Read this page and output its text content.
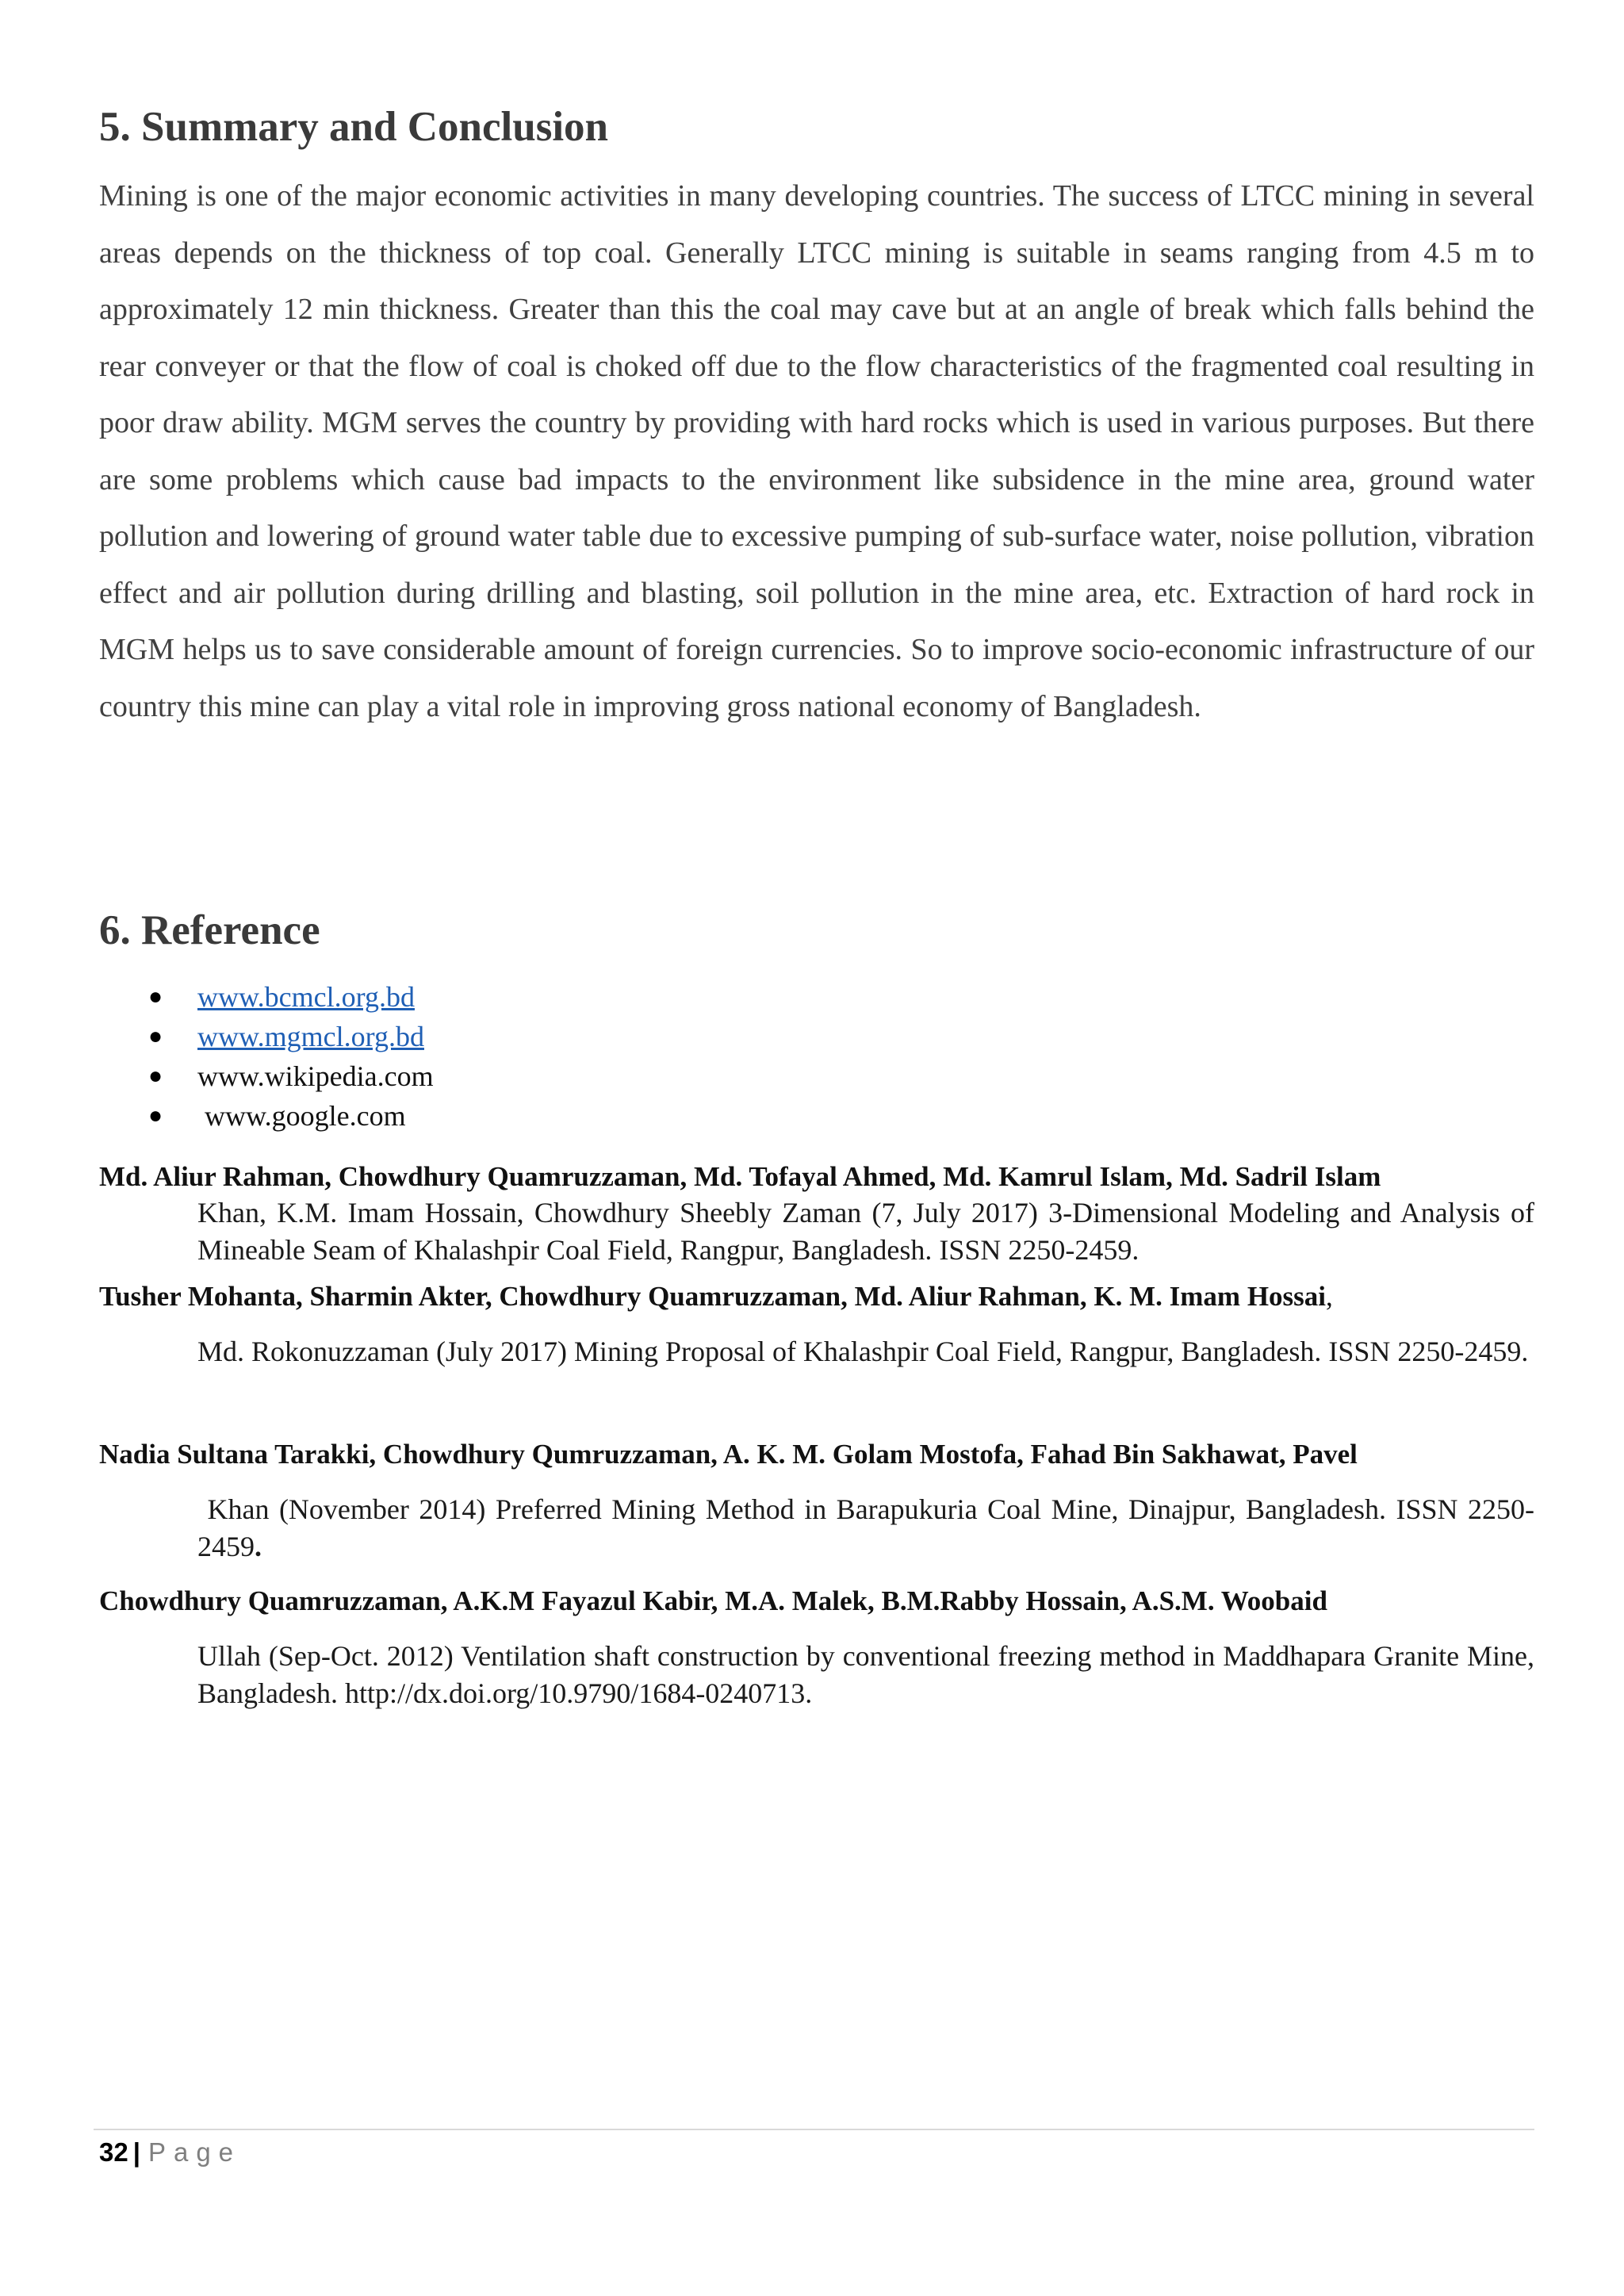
5. Summary and Conclusion

Mining is one of the major economic activities in many developing countries. The success of LTCC mining in several areas depends on the thickness of top coal. Generally LTCC mining is suitable in seams ranging from 4.5 m to approximately 12 min thickness. Greater than this the coal may cave but at an angle of break which falls behind the rear conveyer or that the flow of coal is choked off due to the flow characteristics of the fragmented coal resulting in poor draw ability. MGM serves the country by providing with hard rocks which is used in various purposes. But there are some problems which cause bad impacts to the environment like subsidence in the mine area, ground water pollution and lowering of ground water table due to excessive pumping of sub-surface water, noise pollution, vibration effect and air pollution during drilling and blasting, soil pollution in the mine area, etc. Extraction of hard rock in MGM helps us to save considerable amount of foreign currencies. So to improve socio-economic infrastructure of our country this mine can play a vital role in improving gross national economy of Bangladesh.

6. Reference
● www.bcmcl.org.bd
● www.mgmcl.org.bd
● www.wikipedia.com
● www.google.com

Md. Aliur Rahman, Chowdhury Quamruzzaman, Md. Tofayal Ahmed, Md. Kamrul Islam, Md. Sadril Islam

Khan, K.M. Imam Hossain, Chowdhury Sheebly Zaman (7, July 2017) 3-Dimensional Modeling and Analysis of Mineable Seam of Khalashpir Coal Field, Rangpur, Bangladesh. ISSN 2250-2459.

Tusher Mohanta, Sharmin Akter, Chowdhury Quamruzzaman, Md. Aliur Rahman, K. M. Imam Hossai,

Md. Rokonuzzaman (July 2017) Mining Proposal of Khalashpir Coal Field, Rangpur, Bangladesh. ISSN 2250-2459.

Nadia Sultana Tarakki, Chowdhury Qumruzzaman, A. K. M. Golam Mostofa, Fahad Bin Sakhawat, Pavel

Khan (November 2014) Preferred Mining Method in Barapukuria Coal Mine, Dinajpur, Bangladesh. ISSN 2250-2459.

Chowdhury Quamruzzaman, A.K.M Fayazul Kabir, M.A. Malek, B.M.Rabby Hossain, A.S.M. Woobaid

Ullah (Sep-Oct. 2012) Ventilation shaft construction by conventional freezing method in Maddhapara Granite Mine, Bangladesh. http://dx.doi.org/10.9790/1684-0240713.

32 | Page
